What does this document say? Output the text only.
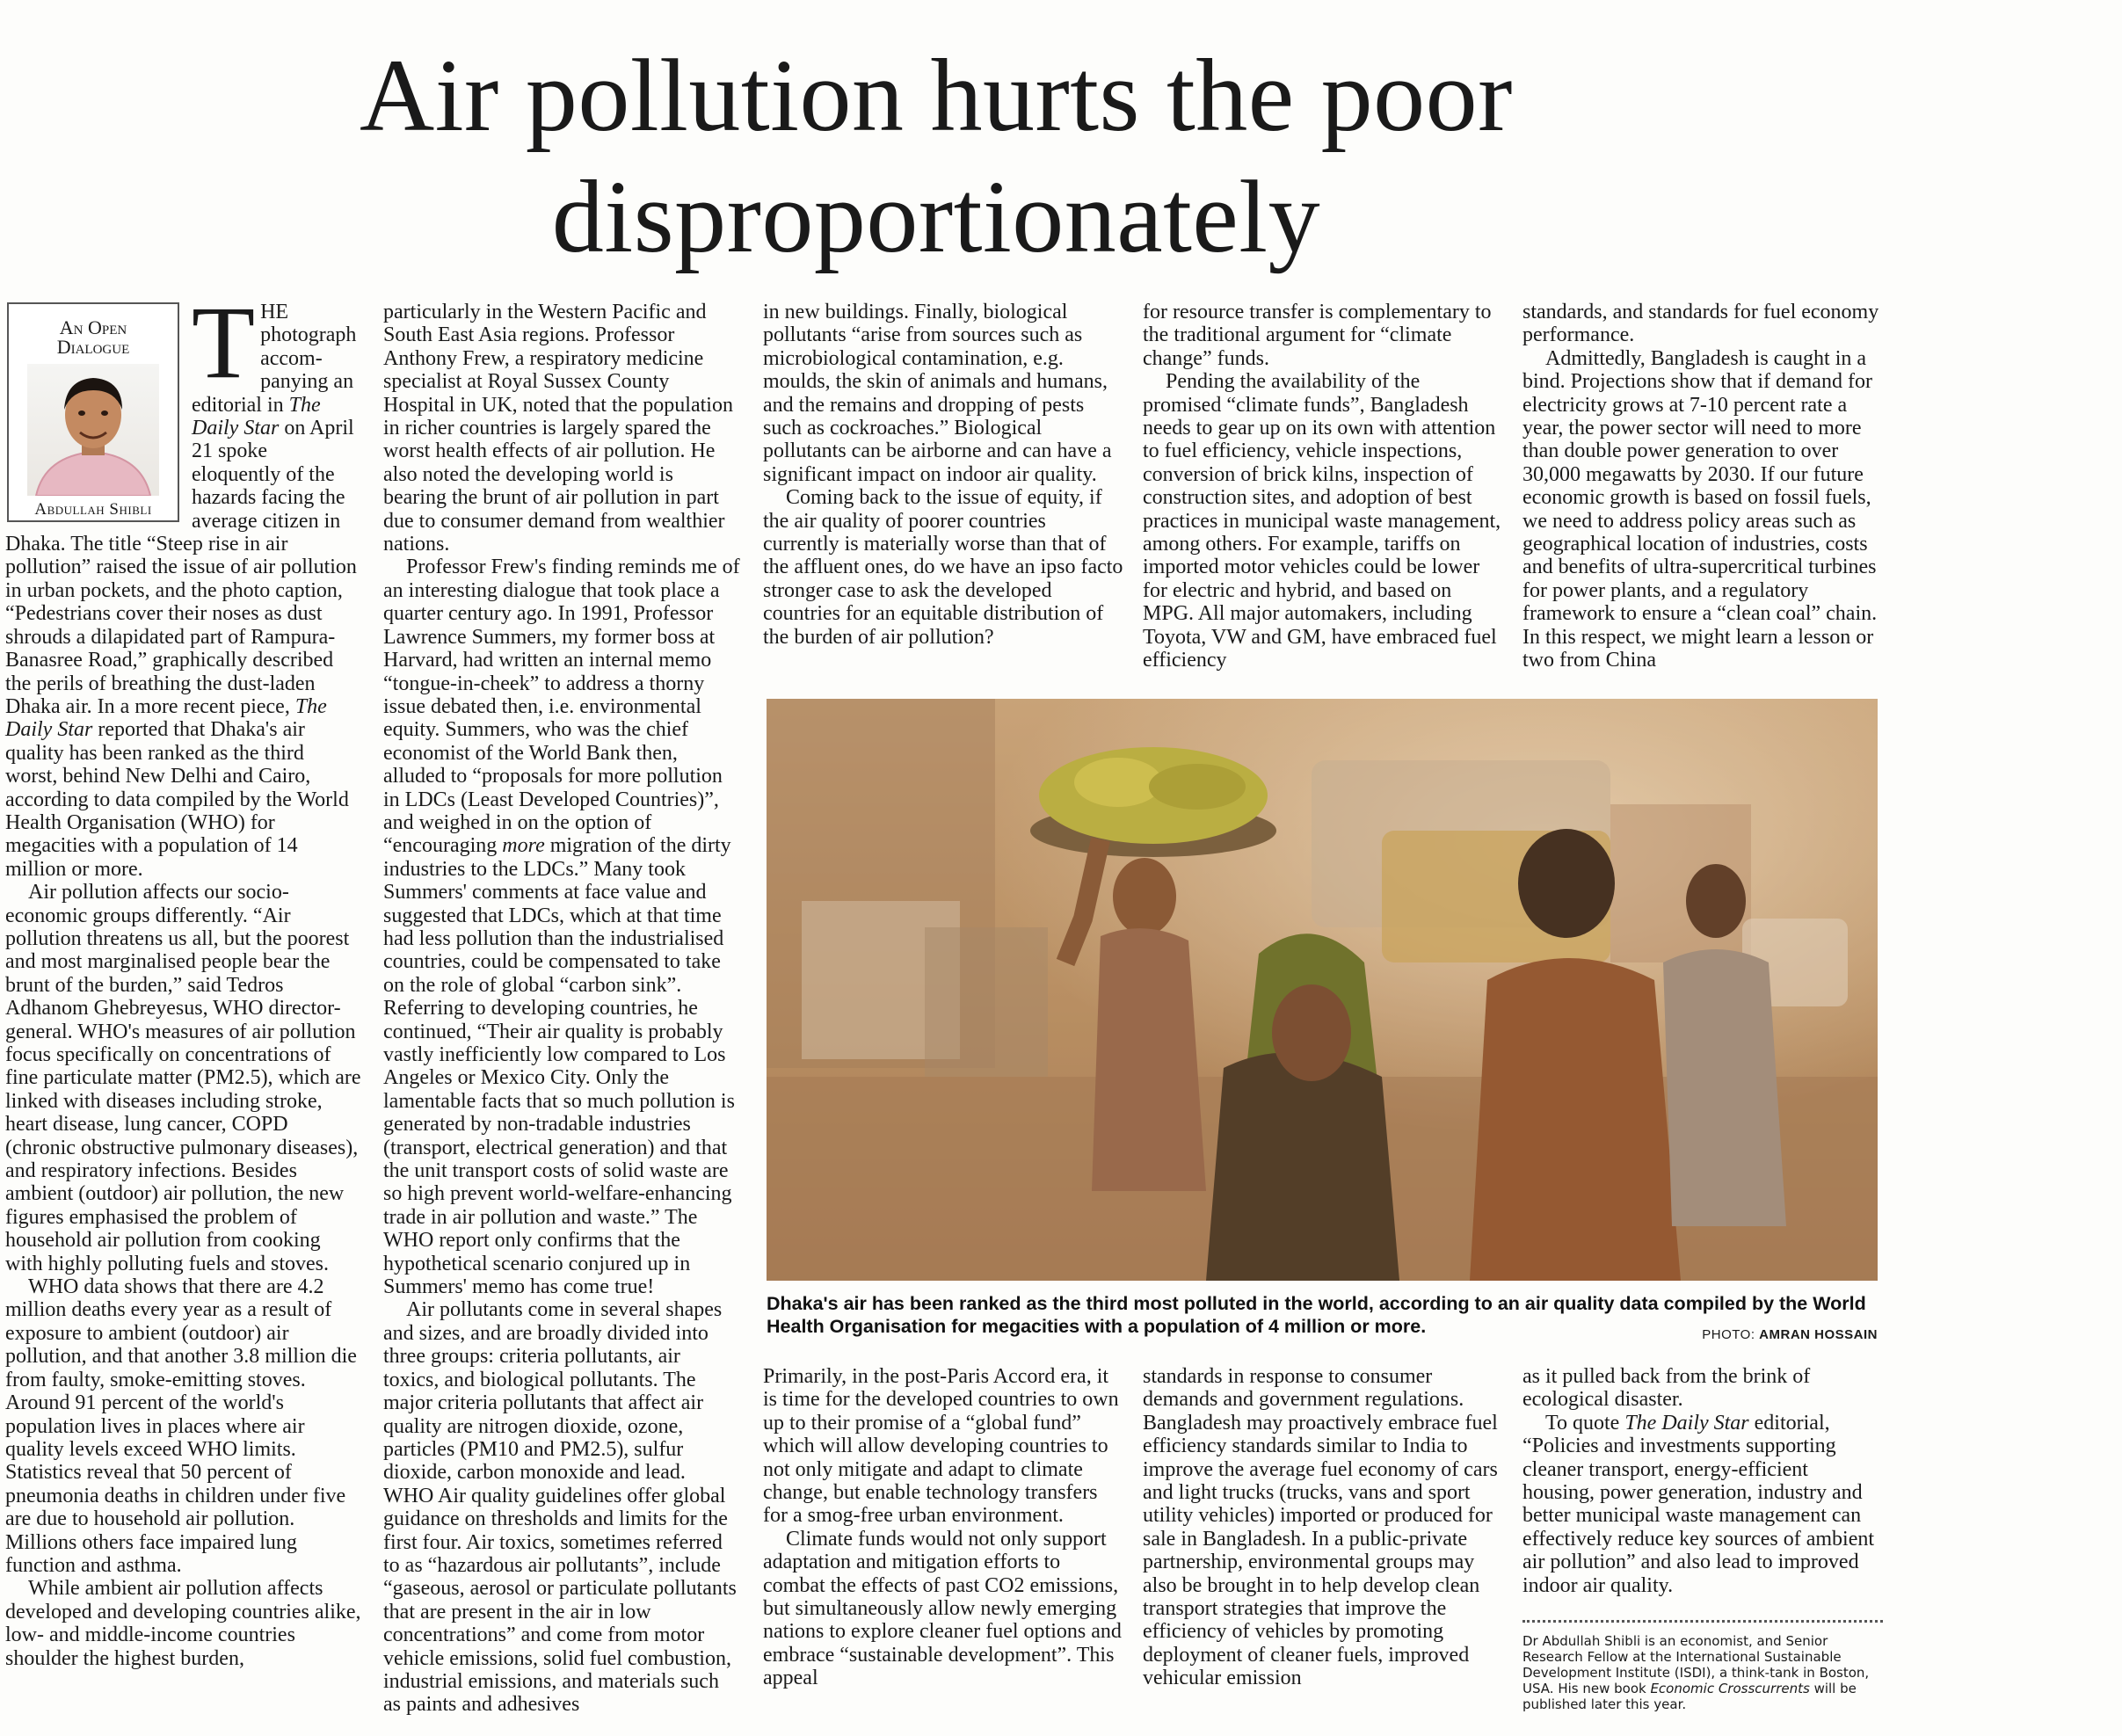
Air pollution hurts the poor
disproportionately
An Open
Dialogue
Abdullah Shibli

THE photograph accom-panying an editorial in The Daily Star on April 21 spoke eloquently of the hazards facing the average citizen in Dhaka. The title “Steep rise in air pollution” raised the issue of air pollution in urban pockets, and the photo caption, “Pedestrians cover their noses as dust shrouds a dilapidated part of Rampura-Banasree Road,” graphically described the perils of breathing the dust-laden Dhaka air. In a more recent piece, The Daily Star reported that Dhaka's air quality has been ranked as the third worst, behind New Delhi and Cairo, according to data compiled by the World Health Organisation (WHO) for megacities with a population of 14 million or more.

Air pollution affects our socio-economic groups differently. “Air pollution threatens us all, but the poorest and most marginalised people bear the brunt of the burden,” said Tedros Adhanom Ghebreyesus, WHO director-general. WHO's measures of air pollution focus specifically on concentrations of fine particulate matter (PM2.5), which are linked with diseases including stroke, heart disease, lung cancer, COPD (chronic obstructive pulmonary diseases), and respiratory infections. Besides ambient (outdoor) air pollution, the new figures emphasised the problem of household air pollution from cooking with highly polluting fuels and stoves.

WHO data shows that there are 4.2 million deaths every year as a result of exposure to ambient (outdoor) air pollution, and that another 3.8 million die from faulty, smoke-emitting stoves. Around 91 percent of the world's population lives in places where air quality levels exceed WHO limits. Statistics reveal that 50 percent of pneumonia deaths in children under five are due to household air pollution. Millions others face impaired lung function and asthma.

While ambient air pollution affects developed and developing countries alike, low- and middle-income countries shoulder the highest burden,

particularly in the Western Pacific and South East Asia regions. Professor Anthony Frew, a respiratory medicine specialist at Royal Sussex County Hospital in UK, noted that the population in richer countries is largely spared the worst health effects of air pollution. He also noted the developing world is bearing the brunt of air pollution in part due to consumer demand from wealthier nations.

Professor Frew's finding reminds me of an interesting dialogue that took place a quarter century ago. In 1991, Professor Lawrence Summers, my former boss at Harvard, had written an internal memo “tongue-in-cheek” to address a thorny issue debated then, i.e. environmental equity. Summers, who was the chief economist of the World Bank then, alluded to “proposals for more pollution in LDCs (Least Developed Countries)”, and weighed in on the option of “encouraging more migration of the dirty industries to the LDCs.” Many took Summers' comments at face value and suggested that LDCs, which at that time had less pollution than the industrialised countries, could be compensated to take on the role of global “carbon sink”. Referring to developing countries, he continued, “Their air quality is probably vastly inefficiently low compared to Los Angeles or Mexico City. Only the lamentable facts that so much pollution is generated by non-tradable industries (transport, electrical generation) and that the unit transport costs of solid waste are so high prevent world-welfare-enhancing trade in air pollution and waste.” The WHO report only confirms that the hypothetical scenario conjured up in Summers' memo has come true!

Air pollutants come in several shapes and sizes, and are broadly divided into three groups: criteria pollutants, air toxics, and biological pollutants. The major criteria pollutants that affect air quality are nitrogen dioxide, ozone, particles (PM10 and PM2.5), sulfur dioxide, carbon monoxide and lead. WHO Air quality guidelines offer global guidance on thresholds and limits for the first four. Air toxics, sometimes referred to as “hazardous air pollutants”, include “gaseous, aerosol or particulate pollutants that are present in the air in low concentrations” and come from motor vehicle emissions, solid fuel combustion, industrial emissions, and materials such as paints and adhesives

in new buildings. Finally, biological pollutants “arise from sources such as microbiological contamination, e.g. moulds, the skin of animals and humans, and the remains and dropping of pests such as cockroaches.” Biological pollutants can be airborne and can have a significant impact on indoor air quality.

Coming back to the issue of equity, if the air quality of poorer countries currently is materially worse than that of the affluent ones, do we have an ipso facto stronger case to ask the developed countries for an equitable distribution of the burden of air pollution?

for resource transfer is complementary to the traditional argument for “climate change” funds.

Pending the availability of the promised “climate funds”, Bangladesh needs to gear up on its own with attention to fuel efficiency, vehicle inspections, conversion of brick kilns, inspection of construction sites, and adoption of best practices in municipal waste management, among others. For example, tariffs on imported motor vehicles could be lower for electric and hybrid, and based on MPG. All major automakers, including Toyota, VW and GM, have embraced fuel efficiency

standards, and standards for fuel economy performance.

Admittedly, Bangladesh is caught in a bind. Projections show that if demand for electricity grows at 7-10 percent rate a year, the power sector will need to more than double power generation to over 30,000 megawatts by 2030. If our future economic growth is based on fossil fuels, we need to address policy areas such as geographical location of industries, costs and benefits of ultra-supercritical turbines for power plants, and a regulatory framework to ensure a “clean coal” chain. In this respect, we might learn a lesson or two from China

Dhaka's air has been ranked as the third most polluted in the world, according to an air quality data compiled by the World Health Organisation for megacities with a population of 4 million or more.	PHOTO: AMRAN HOSSAIN

Primarily, in the post-Paris Accord era, it is time for the developed countries to own up to their promise of a “global fund” which will allow developing countries to not only mitigate and adapt to climate change, but enable technology transfers for a smog-free urban environment.

Climate funds would not only support adaptation and mitigation efforts to combat the effects of past CO2 emissions, but simultaneously allow newly emerging nations to explore cleaner fuel options and embrace “sustainable development”. This appeal

standards in response to consumer demands and government regulations. Bangladesh may proactively embrace fuel efficiency standards similar to India to improve the average fuel economy of cars and light trucks (trucks, vans and sport utility vehicles) imported or produced for sale in Bangladesh. In a public-private partnership, environmental groups may also be brought in to help develop clean transport strategies that improve the efficiency of vehicles by promoting deployment of cleaner fuels, improved vehicular emission

as it pulled back from the brink of ecological disaster.

To quote The Daily Star editorial, “Policies and investments supporting cleaner transport, energy-efficient housing, power generation, industry and better municipal waste management can effectively reduce key sources of ambient air pollution” and also lead to improved indoor air quality.

Dr Abdullah Shibli is an economist, and Senior Research Fellow at the International Sustainable Development Institute (ISDI), a think-tank in Boston, USA. His new book Economic Crosscurrents will be published later this year.
